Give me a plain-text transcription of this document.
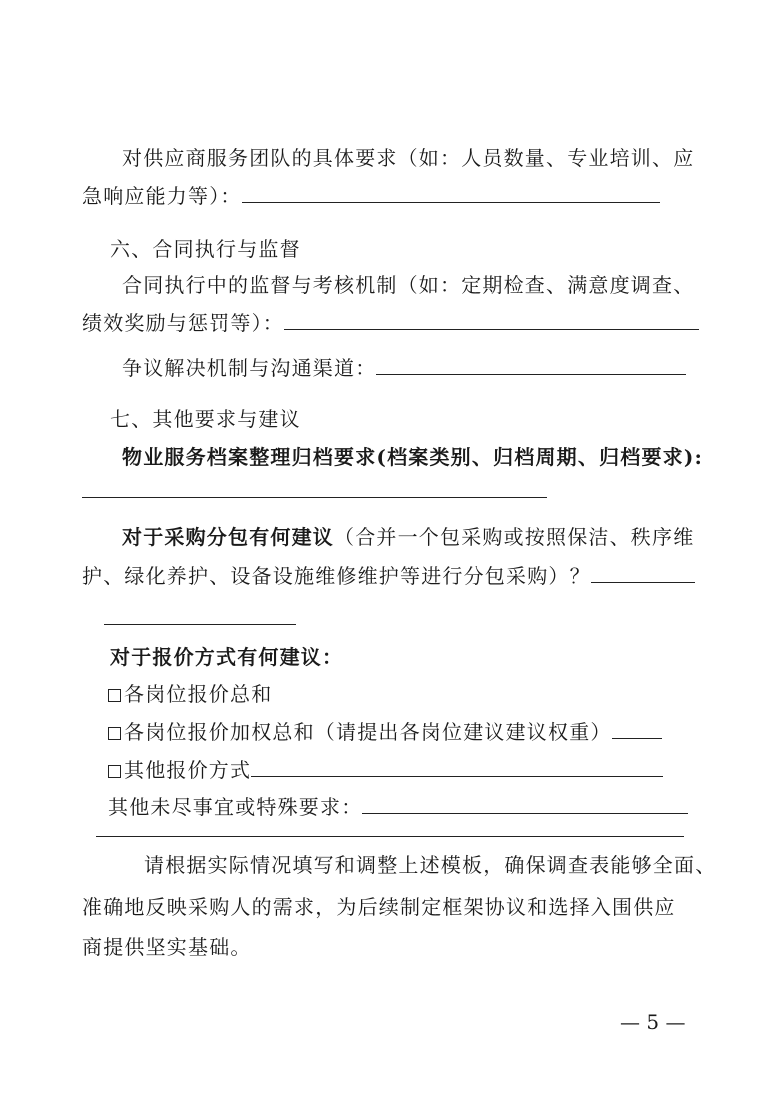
对供应商服务团队的具体要求（如：人员数量、专业培训、应
急响应能力等）：
六、合同执行与监督
合同执行中的监督与考核机制（如：定期检查、满意度调查、
绩效奖励与惩罚等）：
争议解决机制与沟通渠道：
七、其他要求与建议
物业服务档案整理归档要求(档案类别、归档周期、归档要求):
对于采购分包有何建议（合并一个包采购或按照保洁、秩序维
护、绿化养护、设备设施维修维护等进行分包采购）？
对于报价方式有何建议：
各岗位报价总和
各岗位报价加权总和（请提出各岗位建议建议权重）
其他报价方式
其他未尽事宜或特殊要求：
请根据实际情况填写和调整上述模板，确保调查表能够全面、
准确地反映采购人的需求，为后续制定框架协议和选择入围供应
商提供坚实基础。
— 5 —
